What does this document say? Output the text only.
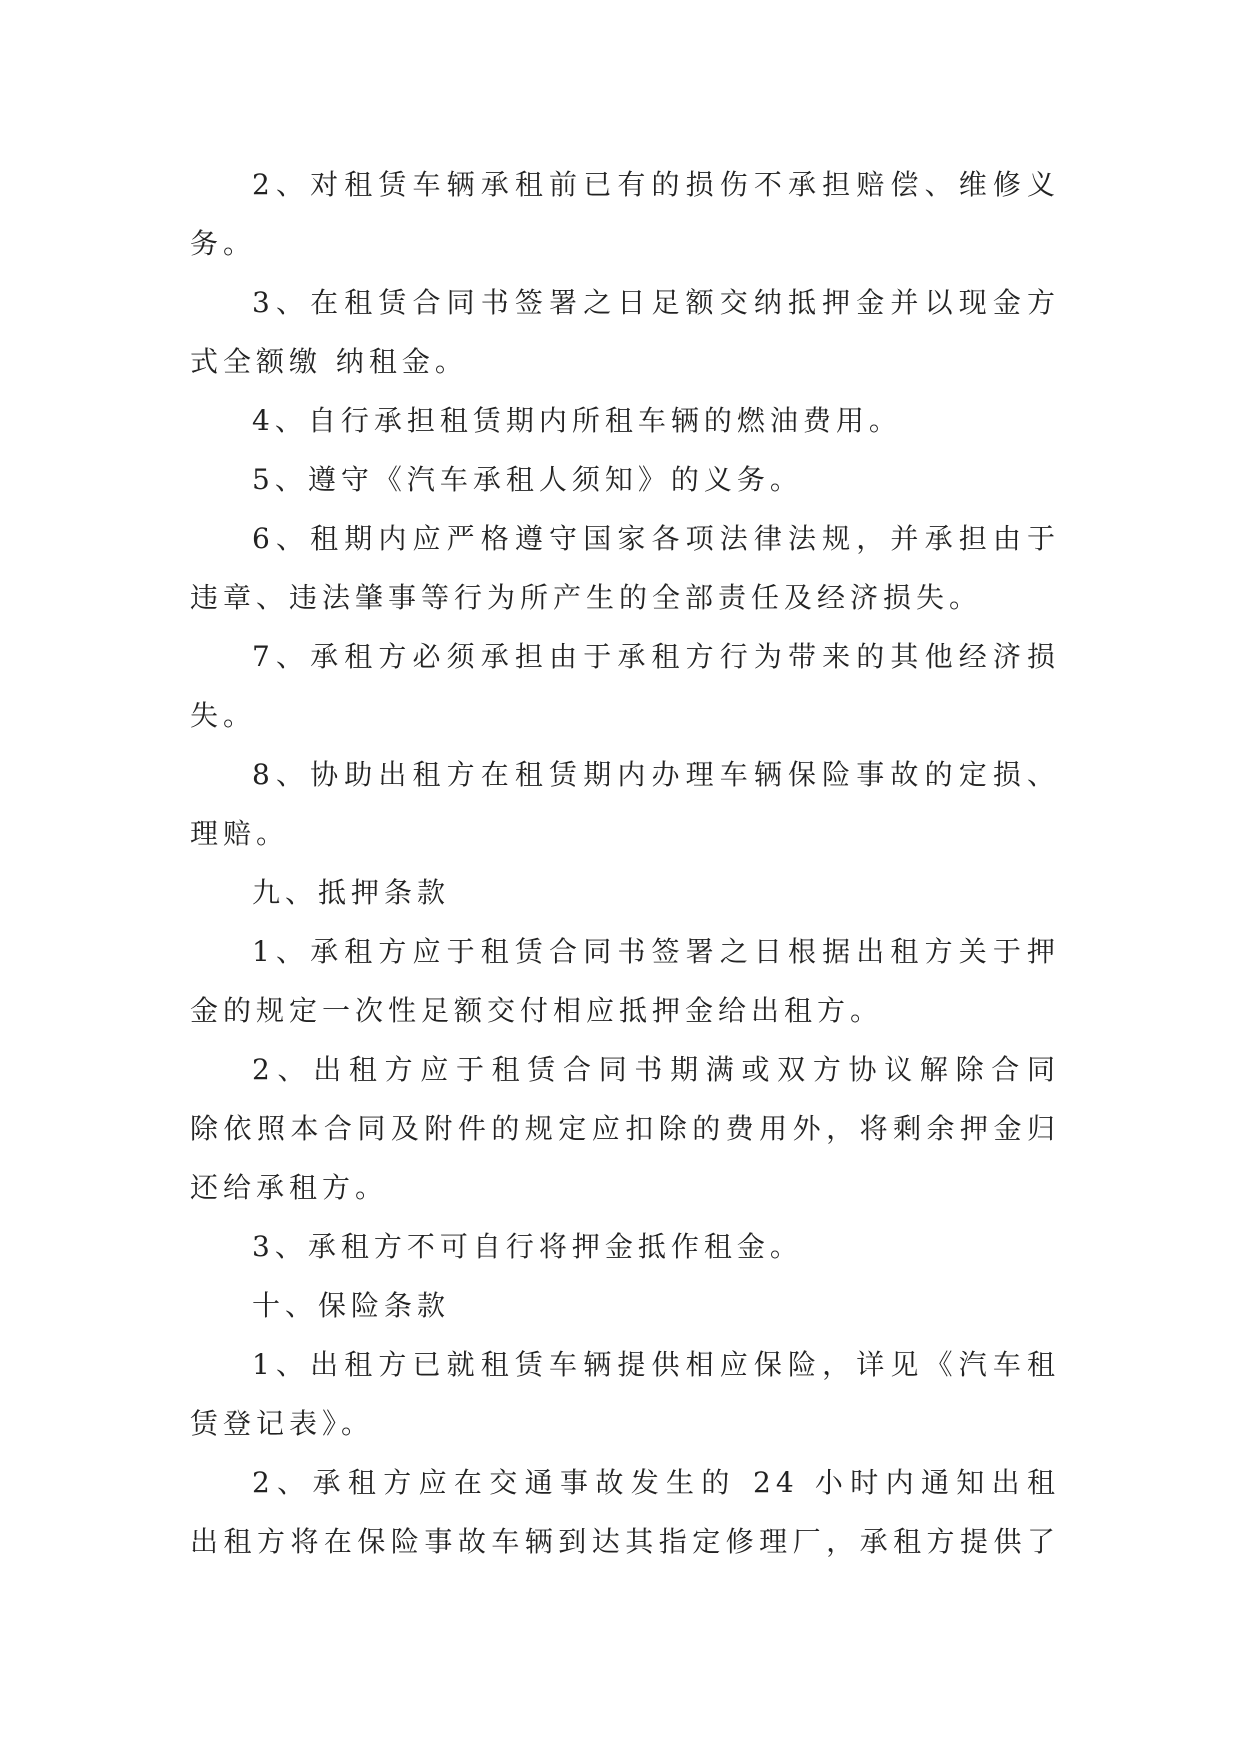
2、对租赁车辆承租前已有的损伤不承担赔偿、维修义
务。
3、在租赁合同书签署之日足额交纳抵押金并以现金方
式全额缴 纳租金。
4、自行承担租赁期内所租车辆的燃油费用。
5、遵守《汽车承租人须知》的义务。
6、租期内应严格遵守国家各项法律法规，并承担由于
违章、违法肇事等行为所产生的全部责任及经济损失。
7、承租方必须承担由于承租方行为带来的其他经济损
失。
8、协助出租方在租赁期内办理车辆保险事故的定损、
理赔。
九、抵押条款
1、承租方应于租赁合同书签署之日根据出租方关于押
金的规定一次性足额交付相应抵押金给出租方。
2、出租方应于租赁合同书期满或双方协议解除合同
除依照本合同及附件的规定应扣除的费用外，将剩余押金归
还给承租方。
3、承租方不可自行将押金抵作租金。
十、保险条款
1、出租方已就租赁车辆提供相应保险，详见《汽车租
赁登记表》。
2、承租方应在交通事故发生的 24 小时内通知出租
出租方将在保险事故车辆到达其指定修理厂，承租方提供了
